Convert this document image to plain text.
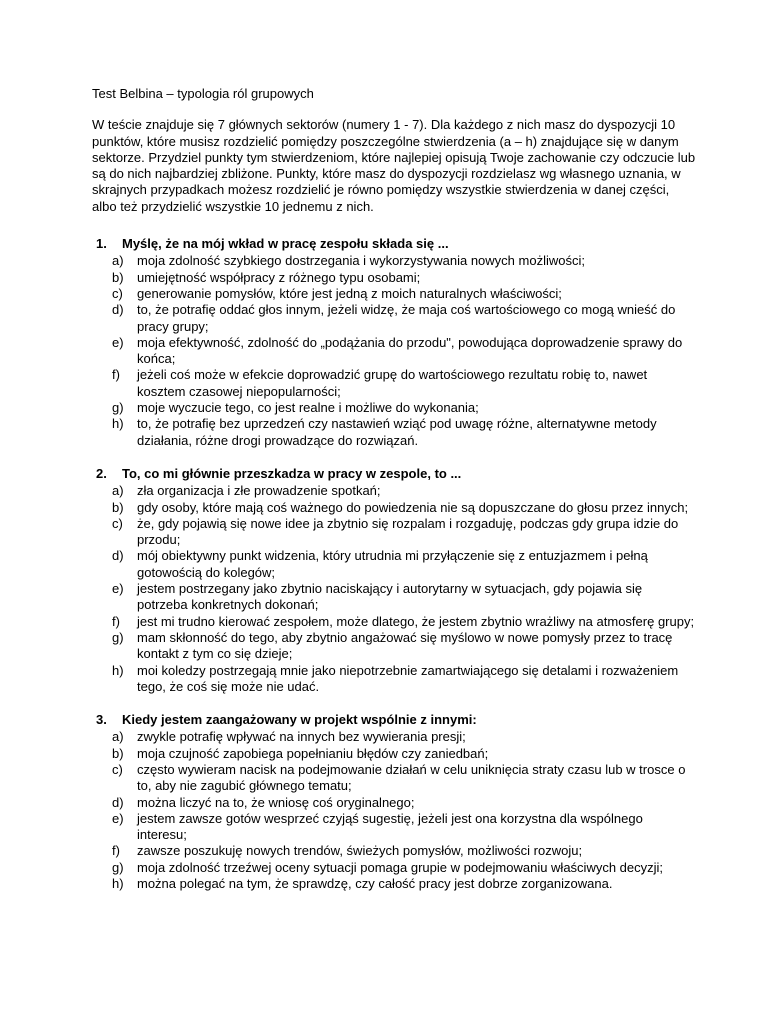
Test Belbina – typologia ról grupowych

W teście znajduje się 7 głównych sektorów (numery 1 - 7). Dla każdego z nich masz do dyspozycji 10 punktów, które musisz rozdzielić pomiędzy poszczególne stwierdzenia (a – h) znajdujące się w danym sektorze. Przydziel punkty tym stwierdzeniom, które najlepiej opisują Twoje zachowanie czy odczucie lub są do nich najbardziej zbliżone. Punkty, które masz do dyspozycji rozdzielasz wg własnego uznania, w skrajnych przypadkach możesz rozdzielić je równo pomiędzy wszystkie stwierdzenia w danej części, albo też przydzielić wszystkie 10 jednemu z nich.

1.	Myślę, że na mój wkład w pracę zespołu składa się ...
a)	moja zdolność szybkiego dostrzegania i wykorzystywania nowych możliwości;
b)	umiejętność współpracy z różnego typu osobami;
c)	generowanie pomysłów, które jest jedną z moich naturalnych właściwości;
d)	to, że potrafię oddać głos innym, jeżeli widzę, że maja coś wartościowego co mogą wnieść do pracy grupy;
e)	moja efektywność, zdolność do „podążania do przodu", powodująca doprowadzenie sprawy do końca;
f)	jeżeli coś może w efekcie doprowadzić grupę do wartościowego rezultatu robię to, nawet kosztem czasowej niepopularności;
g)	moje wyczucie tego, co jest realne i możliwe do wykonania;
h)	to, że potrafię bez uprzedzeń czy nastawień wziąć pod uwagę różne, alternatywne metody działania, różne drogi prowadzące do rozwiązań.
2.	To, co mi głównie przeszkadza w pracy w zespole, to ...
a)	zła organizacja i złe prowadzenie spotkań;
b)	gdy osoby, które mają coś ważnego do powiedzenia nie są dopuszczane do głosu przez innych;
c)	że, gdy pojawią się nowe idee ja zbytnio się rozpalam i rozgaduję, podczas gdy grupa idzie do przodu;
d)	mój obiektywny punkt widzenia, który utrudnia mi przyłączenie się z entuzjazmem i pełną gotowością do kolegów;
e)	jestem postrzegany jako zbytnio naciskający i autorytarny w sytuacjach, gdy pojawia się potrzeba konkretnych dokonań;
f)	jest mi trudno kierować zespołem, może dlatego, że jestem zbytnio wrażliwy na atmosferę grupy;
g)	mam skłonność do tego, aby zbytnio angażować się myślowo w nowe pomysły przez to tracę kontakt z tym co się dzieje;
h)	moi koledzy postrzegają mnie jako niepotrzebnie zamartwiającego się detalami i rozważeniem tego, że coś się może nie udać.
3.	Kiedy jestem zaangażowany w projekt wspólnie z innymi:
a)	zwykle potrafię wpływać na innych bez wywierania presji;
b)	moja czujność zapobiega popełnianiu błędów czy zaniedbań;
c)	często wywieram nacisk na podejmowanie działań w celu uniknięcia straty czasu lub w trosce o to, aby nie zagubić głównego tematu;
d)	można liczyć na to, że wniosę coś oryginalnego;
e)	jestem zawsze gotów wesprzeć czyjąś sugestię, jeżeli jest ona korzystna dla wspólnego interesu;
f)	zawsze poszukuję nowych trendów, świeżych pomysłów, możliwości rozwoju;
g)	moja zdolność trzeźwej oceny sytuacji pomaga grupie w podejmowaniu właściwych decyzji;
h)	można polegać na tym, że sprawdzę, czy całość pracy jest dobrze zorganizowana.
